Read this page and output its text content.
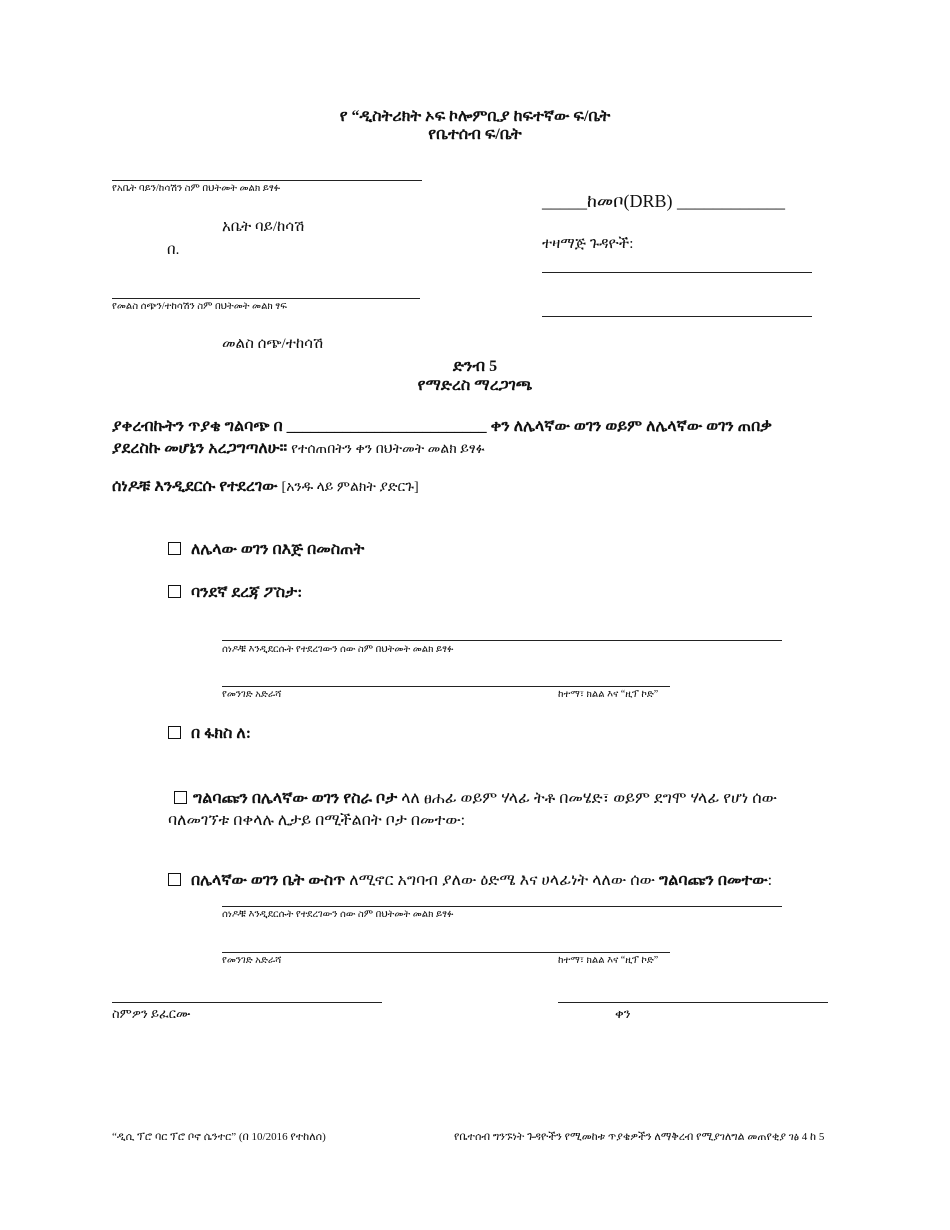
የ “ዲስትሪክት ኦፍ ኮሎምቢያ ከፍተኛው ፍ/ቤት
የቤተሰብ ፍ/ቤት
የአቤት ባይን/ከሳሽን ስም በህትመት መልክ ይፃፉ
አቤት ባይ/ከሳሽ
በ.
የመልስ ሰጭን/ተከሳሽን ስም በህትመት መልክ ፃፍ
መልስ ሰጭ/ተከሳሽ
_____ከመቦ(DRB) ____________
ተዛማጅ ጉዳዮች:
ድንብ 5
የማድረስ ማረጋገጫ
ያቀረብኩትን ጥያቄ ግልባጭ በ _________________________ ቀን ለሌላኛው ወገን ወይም ለሌላኛው ወገን ጠበቃ
ያደረስኩ መሆኔን አረጋግጣለሁ። የተሰጠበትን ቀን በህትመት መልክ ይፃፉ
ሰነዶቹ እንዲደርሱ የተደረገው [አንዱ ላይ ምልክት ያድርጉ]
ለሌላው ወገን በእጅ በመስጠት
ባንደኛ ደረጃ ፖስታ:
ሰነዶቹ እንዲደርሱት የተደረገውን ሰው ስም በህትመት መልክ ይፃፉ
የመንገድ አድራሻ	ከተማ፣ ክልል እና “ዚፕ ኮድ”
በ ፋክስ ለ:
ግልባጩን በሌላኛው ወገን የስራ ቦታ ላለ ፀሐፊ ወይም ሃላፊ ትቶ በመሄድ፣ ወይም ደግሞ ሃላፊ የሆነ ሰው
ባለመገኘቱ በቀላሉ ሊታይ በሚችልበት ቦታ በመተው:
በሌላኛው ወገን ቤት ውስጥ ለሚኖር አግባብ ያለው ዕድሜ እና ሀላፊነት ላለው ሰው ግልባጩን በመተው:
ሰነዶቹ እንዲደርሱት የተደረገውን ሰው ስም በህትመት መልክ ይፃፉ
የመንገድ አድራሻ	ከተማ፣ ክልል እና “ዚፕ ኮድ”
ስምዎን ይፈርሙ	ቀን
“ዲሲ ፕሮ ባር ፕሮ ቦኖ ሴንተር” (በ 10/2016 የተከለሰ)	የቤተሰብ ግንኙነት ጉዳዮችን የሚመከቱ ጥያቄዎችን ለማቅረብ የሚያገለግል መጠየቂያ ገፅ 4 ከ 5
